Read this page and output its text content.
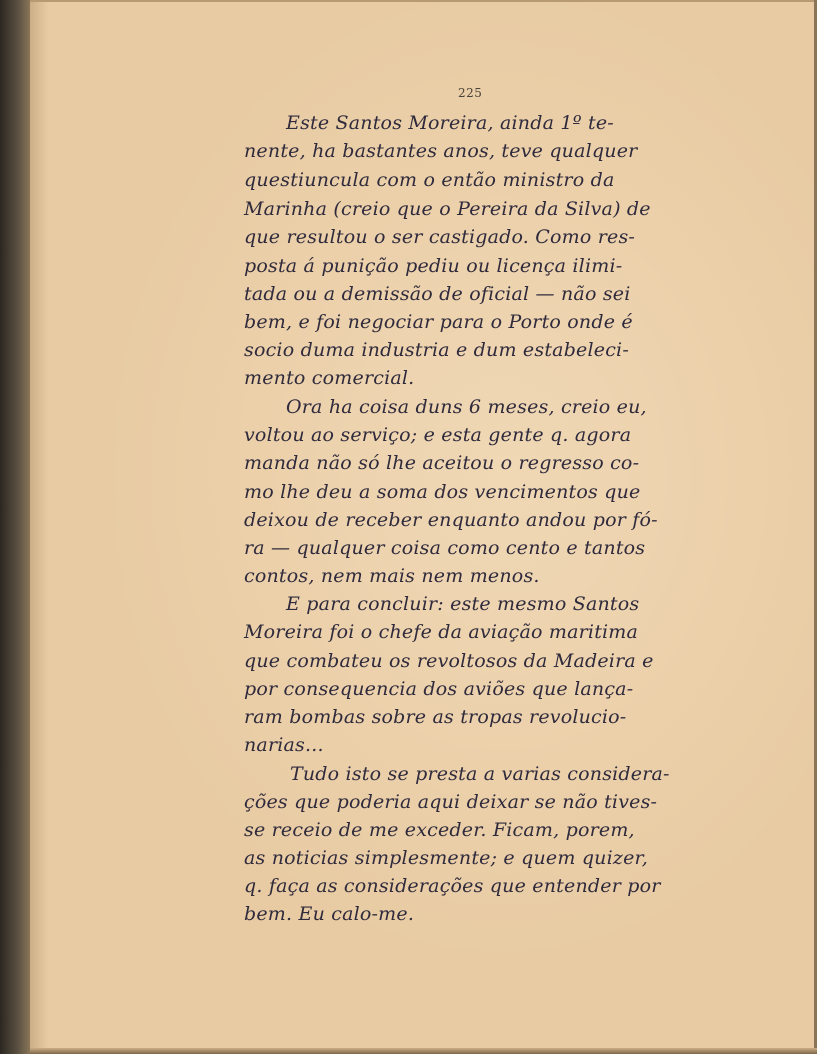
225
Este Santos Moreira, ainda 1º te-
nente, ha bastantes anos, teve qualquer
questiuncula com o então ministro da
Marinha (creio que o Pereira da Silva) de
que resultou o ser castigado. Como res-
posta á punição pediu ou licença ilimi-
tada ou a demissão de oficial — não sei
bem, e foi negociar para o Porto onde é
socio duma industria e dum estabeleci-
mento comercial.
Ora ha coisa duns 6 meses, creio eu,
voltou ao serviço; e esta gente q. agora
manda não só lhe aceitou o regresso co-
mo lhe deu a soma dos vencimentos que
deixou de receber enquanto andou por fó-
ra — qualquer coisa como cento e tantos
contos, nem mais nem menos.
E para concluir: este mesmo Santos
Moreira foi o chefe da aviação maritima
que combateu os revoltosos da Madeira e
por consequencia dos aviões que lança-
ram bombas sobre as tropas revolucio-
narias...
Tudo isto se presta a varias considera-
ções que poderia aqui deixar se não tives-
se receio de me exceder. Ficam, porem,
as noticias simplesmente; e quem quizer,
q. faça as considerações que entender por
bem. Eu calo-me.
